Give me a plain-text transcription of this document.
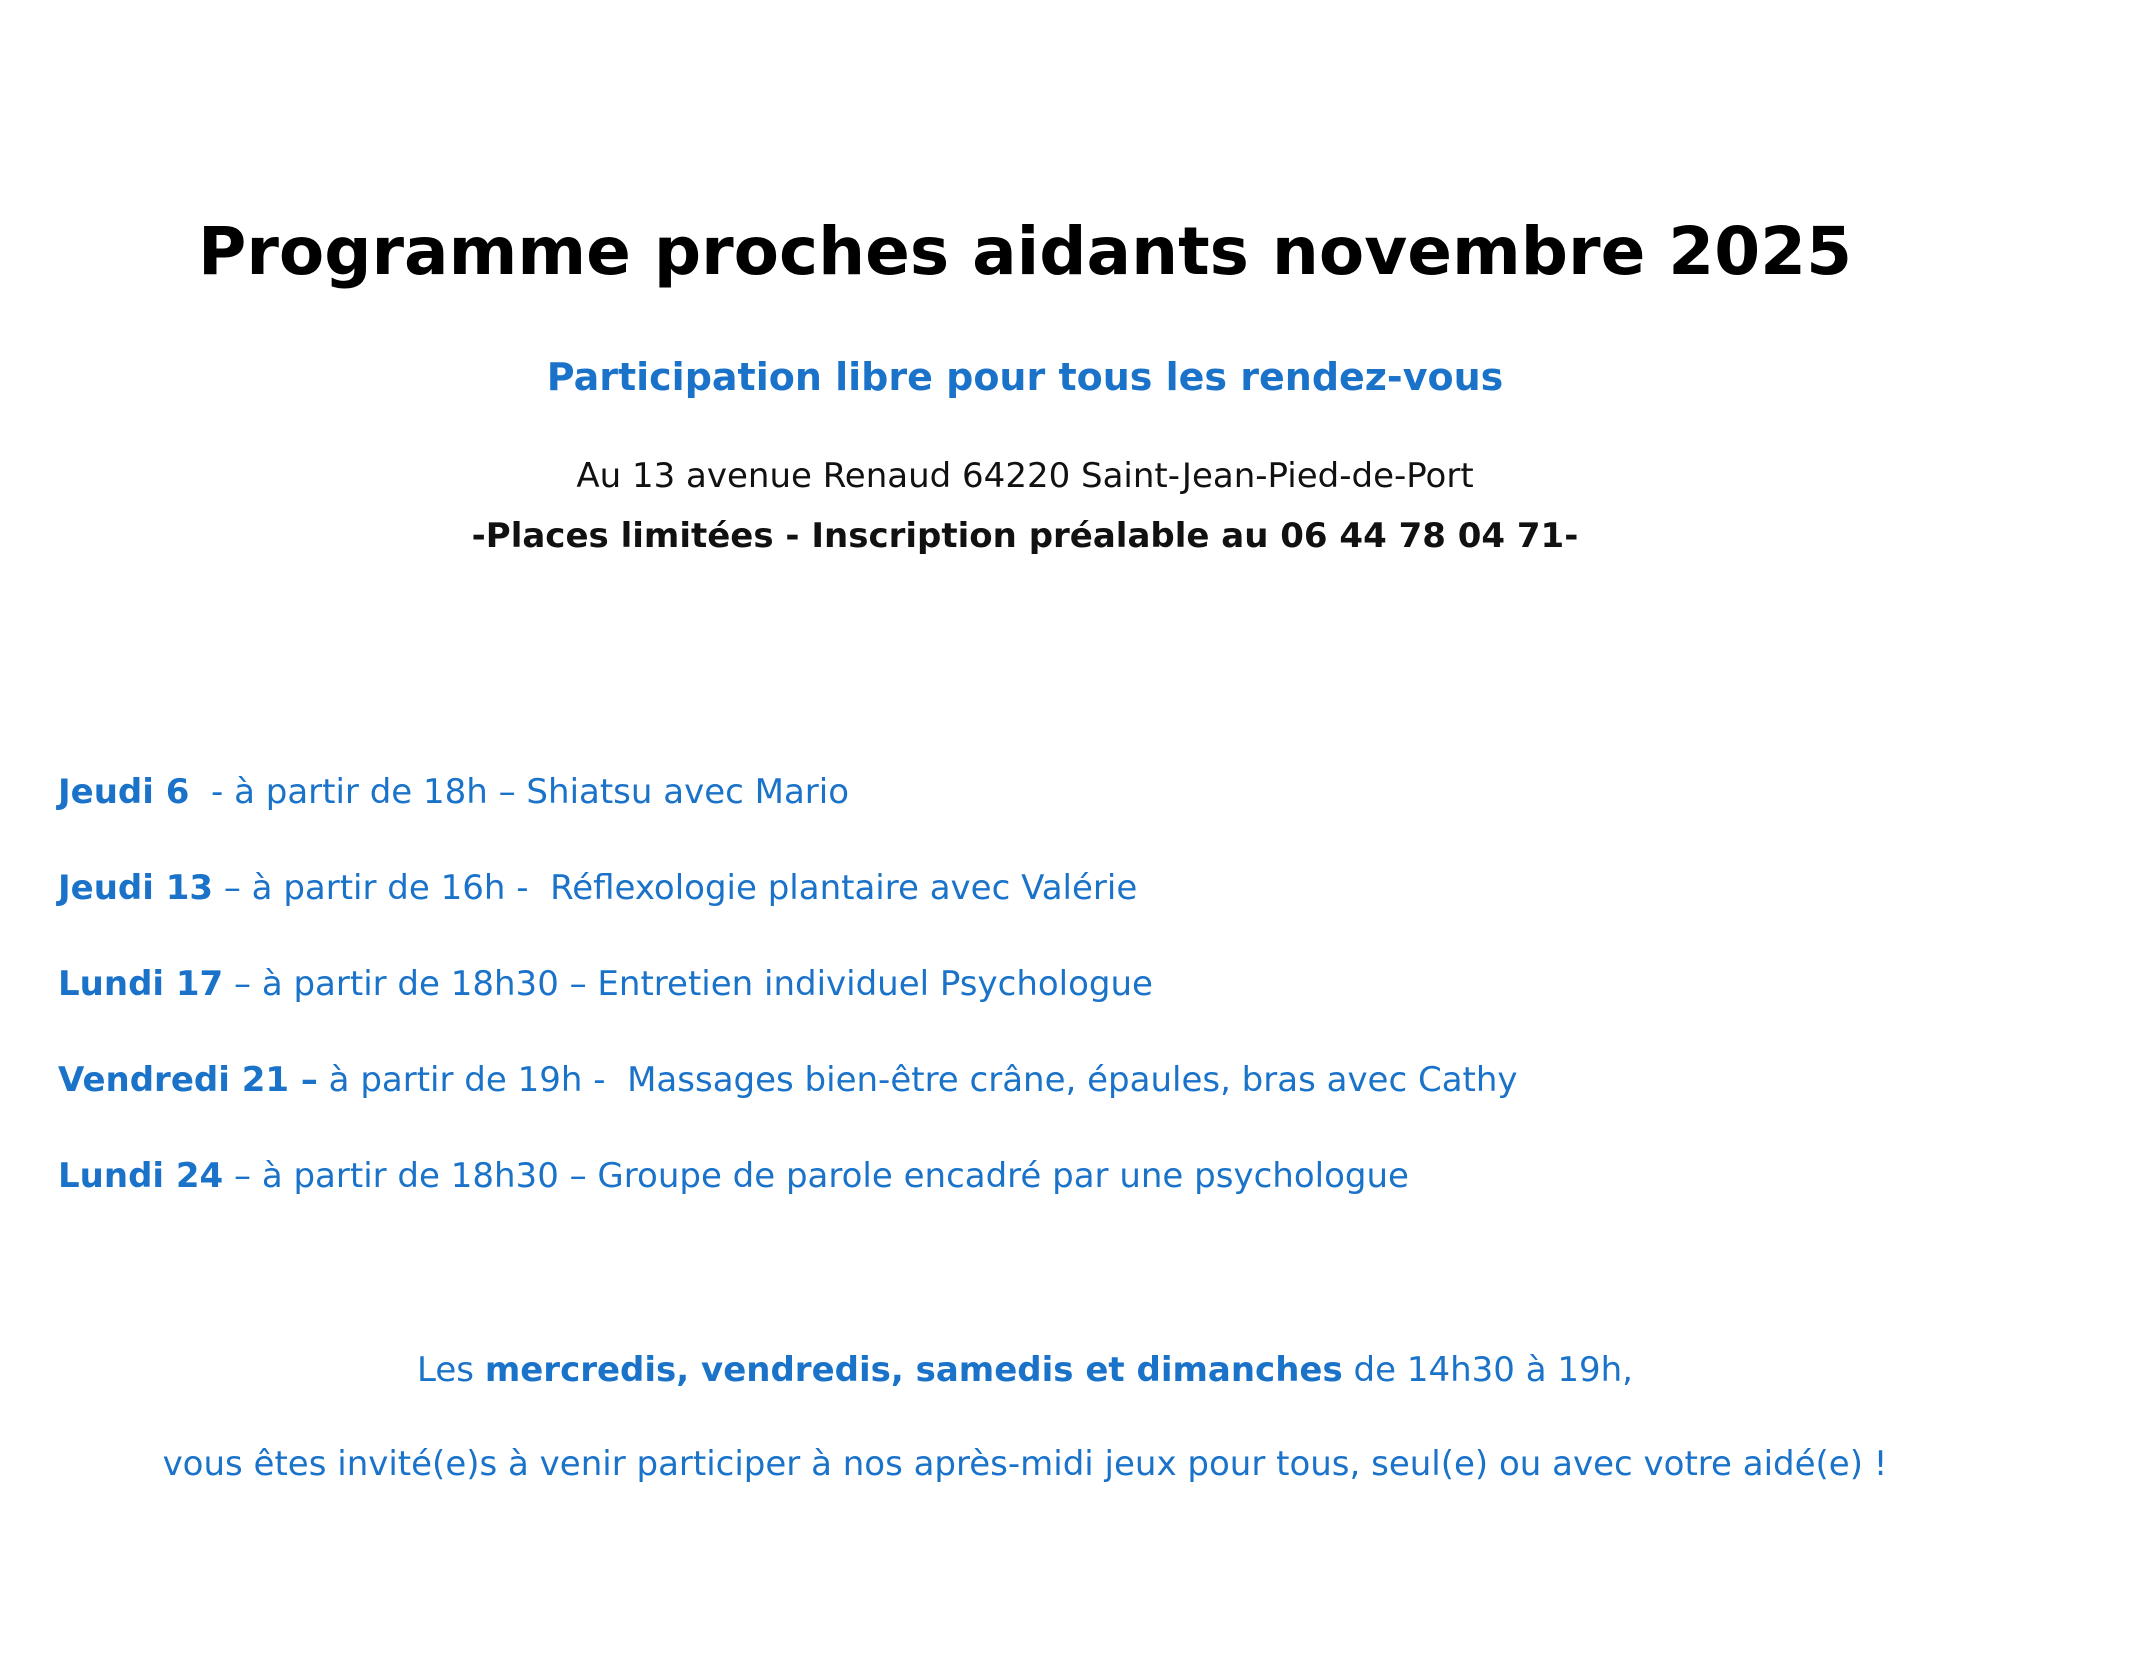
Programme proches aidants novembre 2025
Participation libre pour tous les rendez-vous
Au 13 avenue Renaud 64220 Saint-Jean-Pied-de-Port
-Places limitées - Inscription préalable au 06 44 78 04 71-
Jeudi 6  - à partir de 18h – Shiatsu avec Mario
Jeudi 13 – à partir de 16h -  Réflexologie plantaire avec Valérie
Lundi 17 – à partir de 18h30 – Entretien individuel Psychologue
Vendredi 21 – à partir de 19h -  Massages bien-être crâne, épaules, bras avec Cathy
Lundi 24 – à partir de 18h30 – Groupe de parole encadré par une psychologue
Les mercredis, vendredis, samedis et dimanches de 14h30 à 19h,
vous êtes invité(e)s à venir participer à nos après-midi jeux pour tous, seul(e) ou avec votre aidé(e) !
